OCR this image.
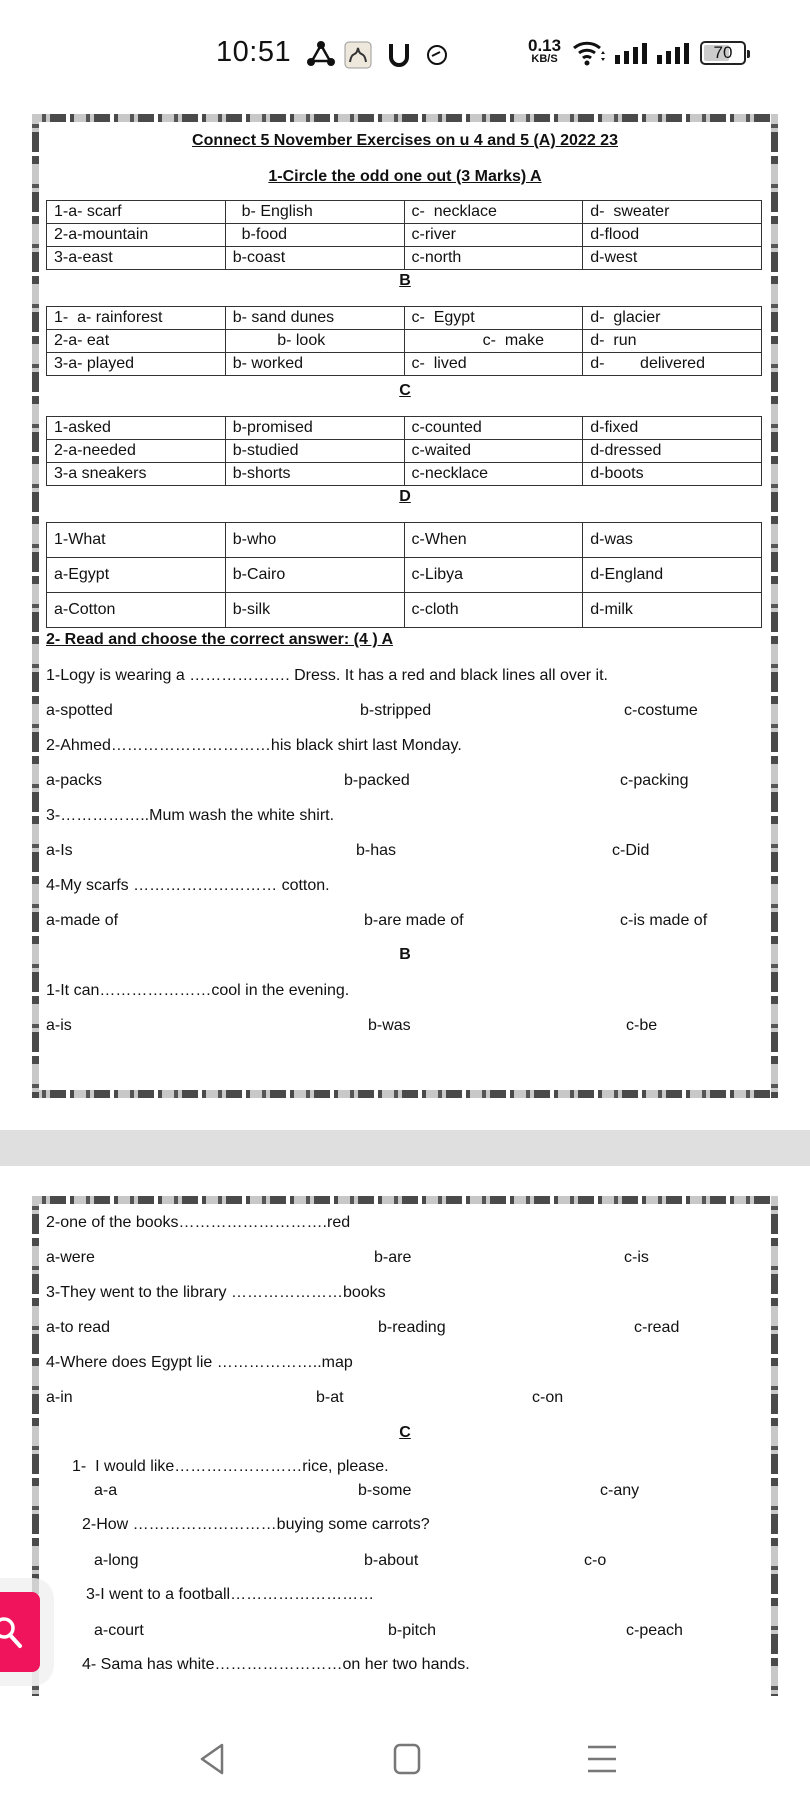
10:51	0.13
KB/S	70
Connect 5 November Exercises on u 4 and 5 (A) 2022 23
1-Circle the odd one out (3 Marks) A
1-a- scarf	b- English	c-  necklace	d-  sweater
2-a-mountain	b-food	c-river	d-flood
3-a-east	b-coast	c-north	d-west
B
1-  a- rainforest	b- sand dunes	c-  Egypt	d-  glacier
2-a- eat	b- look	c-  make	d-  run
3-a- played	b- worked	c-  lived	d-        delivered
C
1-asked	b-promised	c-counted	d-fixed
2-a-needed	b-studied	c-waited	d-dressed
3-a sneakers	b-shorts	c-necklace	d-boots
D
1-What	b-who	c-When	d-was
a-Egypt	b-Cairo	c-Libya	d-England
a-Cotton	b-silk	c-cloth	d-milk
2- Read and choose the correct answer: (4 ) A
1-Logy is wearing a ………………. Dress. It has a red and black lines all over it.
a-spotted	b-stripped	c-costume
2-Ahmed…………………………his black shirt last Monday.
a-packs	b-packed	c-packing
3-……………..Mum wash the white shirt.
a-Is	b-has	c-Did
4-My scarfs ……………………… cotton.
a-made of	b-are made of	c-is made of
B
1-It can…………………cool in the evening.
a-is	b-was	c-be
2-one of the books……………………….red
a-were	b-are	c-is
3-They went to the library …………………books
a-to read	b-reading	c-read
4-Where does Egypt lie ………………..map
a-in	b-at	c-on
C
1-  I would like……………………rice, please.
a-a	b-some	c-any
2-How ………………………buying some carrots?
a-long	b-about	c-o
3-I went to a football………………………
a-court	b-pitch	c-peach
4- Sama has white……………………on her two hands.
